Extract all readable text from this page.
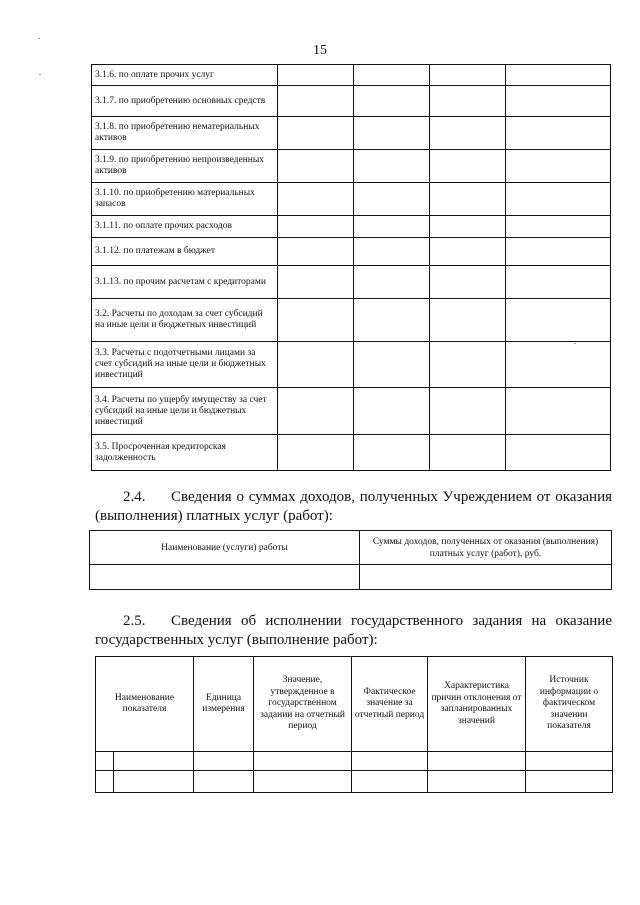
15
3.1.6. по оплате прочих услуг				
3.1.7. по приобретению основных средств				
3.1.8. по приобретению нематериальных активов				
3.1.9. по приобретению непроизведенных активов				
3.1.10. по приобретению материальных запасов				
3.1.11. по оплате прочих расходов				
3.1.12. по платежам в бюджет				
3.1.13. по прочим расчетам с кредиторами				
3.2. Расчеты по доходам за счет субсидий на иные цели и бюджетных инвестиций				
3.3. Расчеты с подотчетными лицами за счет субсидий на иные цели и бюджетных инвестиций				
3.4. Расчеты по ущербу имуществу за счет субсидий на иные цели и бюджетных инвестиций				
3.5. Просроченная кредиторская задолженность				
2.4. Сведения о суммах доходов, полученных Учреждением от оказания (выполнения) платных услуг (работ):
Наименование (услуги) работы	Суммы доходов, полученных от оказания (выполнения) платных услуг (работ), руб.

2.5. Сведения об исполнении государственного задания на оказание государственных услуг (выполнение работ):
Наименование показателя		Единица измерения	Значение, утвержденное в государственном задании на отчетный период	Фактическое значение за отчетный период	Характеристика причин отклонения от запланированных значений	Источник информации о фактическом значении показателя
